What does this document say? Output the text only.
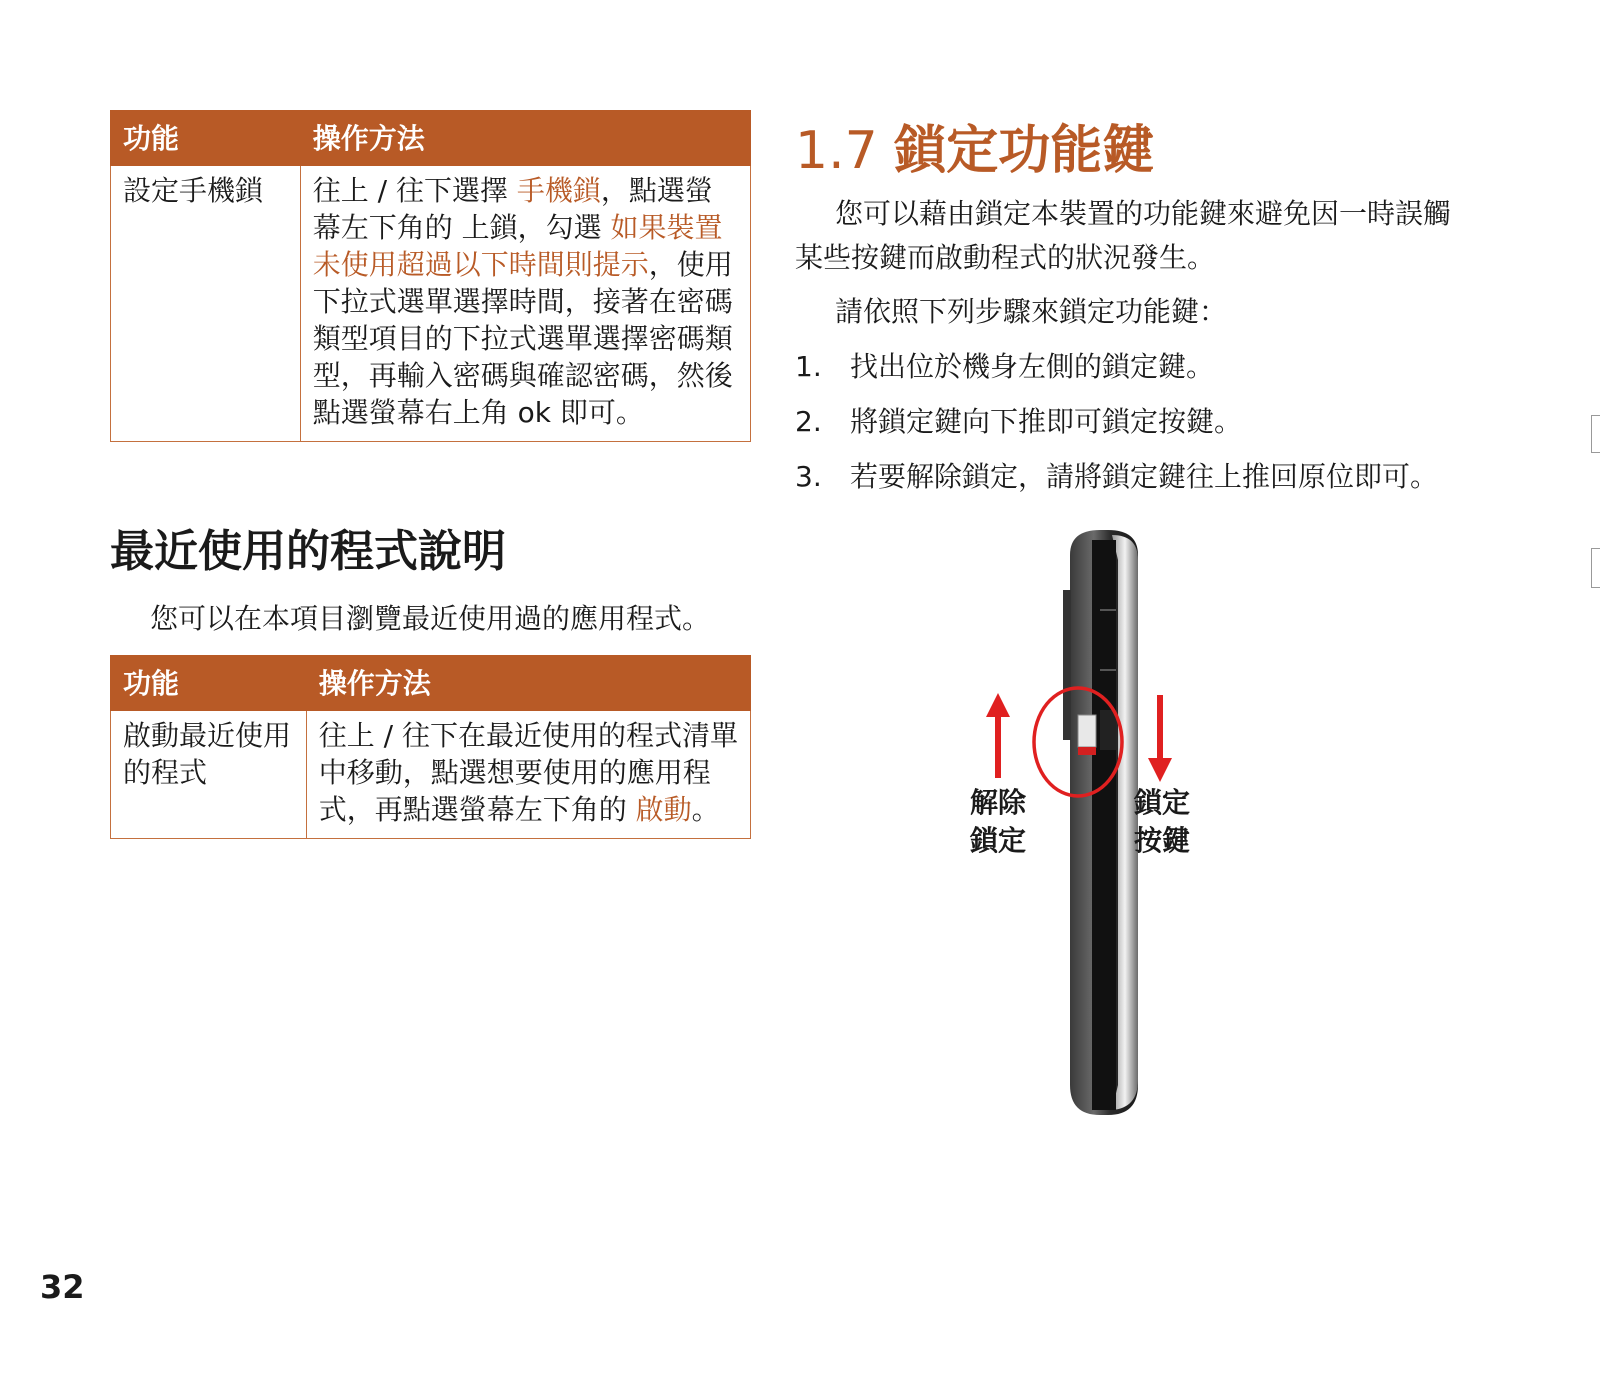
功能	操作方法
設定手機鎖	往上 / 往下選擇 手機鎖，點選螢幕左下角的 上鎖，勾選 如果裝置未使用超過以下時間則提示，使用下拉式選單選擇時間，接著在密碼類型項目的下拉式選單選擇密碼類型，再輸入密碼與確認密碼，然後點選螢幕右上角 ok 即可。
最近使用的程式說明

您可以在本項目瀏覽最近使用過的應用程式。

功能	操作方法
啟動最近使用的程式	往上 / 往下在最近使用的程式清單中移動，點選想要使用的應用程式，再點選螢幕左下角的 啟動。
1.7 鎖定功能鍵

您可以藉由鎖定本裝置的功能鍵來避免因一時誤觸某些按鍵而啟動程式的狀況發生。

請依照下列步驟來鎖定功能鍵：

1. 找出位於機身左側的鎖定鍵。
2. 將鎖定鍵向下推即可鎖定按鍵。
3. 若要解除鎖定，請將鎖定鍵往上推回原位即可。
解除
鎖定
鎖定
按鍵
32
